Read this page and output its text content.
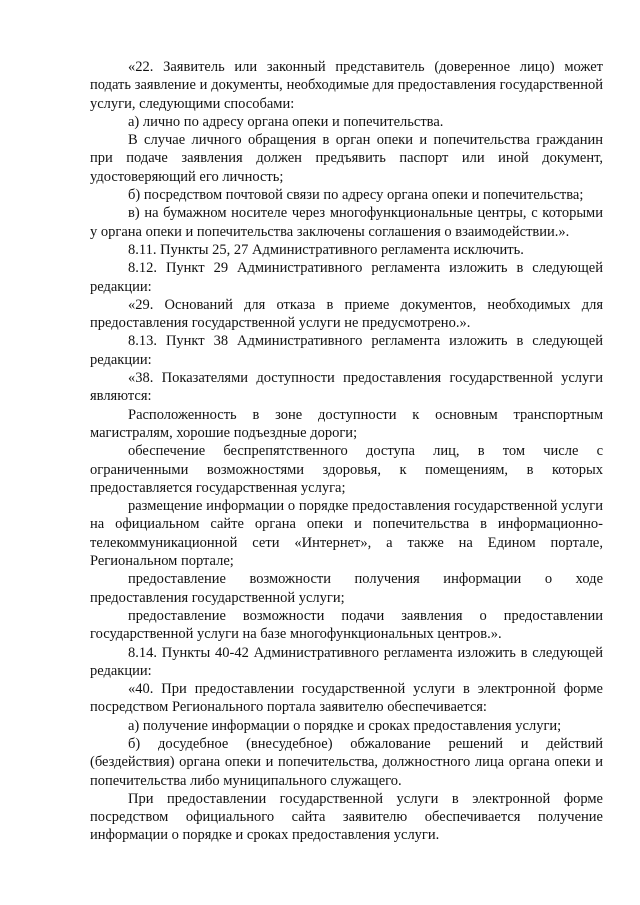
«22. Заявитель или законный представитель (доверенное лицо) может подать заявление и документы, необходимые для предоставления государственной услуги, следующими способами:

а) лично по адресу органа опеки и попечительства.

В случае личного обращения в орган опеки и попечительства гражданин при подаче заявления должен предъявить паспорт или иной документ, удостоверяющий его личность;

б) посредством почтовой связи по адресу органа опеки и попечительства;

в) на бумажном носителе через многофункциональные центры, с которыми у органа опеки и попечительства заключены соглашения о взаимодействии.».

8.11. Пункты 25, 27 Административного регламента исключить.

8.12. Пункт 29 Административного регламента изложить в следующей редакции:

«29. Оснований для отказа в приеме документов, необходимых для предоставления государственной услуги не предусмотрено.».

8.13. Пункт 38 Административного регламента изложить в следующей редакции:

«38. Показателями доступности предоставления государственной услуги являются:

Расположенность в зоне доступности к основным транспортным магистралям, хорошие подъездные дороги;

обеспечение беспрепятственного доступа лиц, в том числе с ограниченными возможностями здоровья, к помещениям, в которых предоставляется государственная услуга;

размещение информации о порядке предоставления государственной услуги на официальном сайте органа опеки и попечительства в информационно-телекоммуникационной сети «Интернет», а также на Едином портале, Региональном портале;

предоставление возможности получения информации о ходе предоставления государственной услуги;

предоставление возможности подачи заявления о предоставлении государственной услуги на базе многофункциональных центров.».

8.14. Пункты 40-42 Административного регламента изложить в следующей редакции:

«40. При предоставлении государственной услуги в электронной форме посредством Регионального портала заявителю обеспечивается:

а) получение информации о порядке и сроках предоставления услуги;

б) досудебное (внесудебное) обжалование решений и действий (бездействия) органа опеки и попечительства, должностного лица органа опеки и попечительства либо муниципального служащего.

При предоставлении государственной услуги в электронной форме посредством официального сайта заявителю обеспечивается получение информации о порядке и сроках предоставления услуги.
